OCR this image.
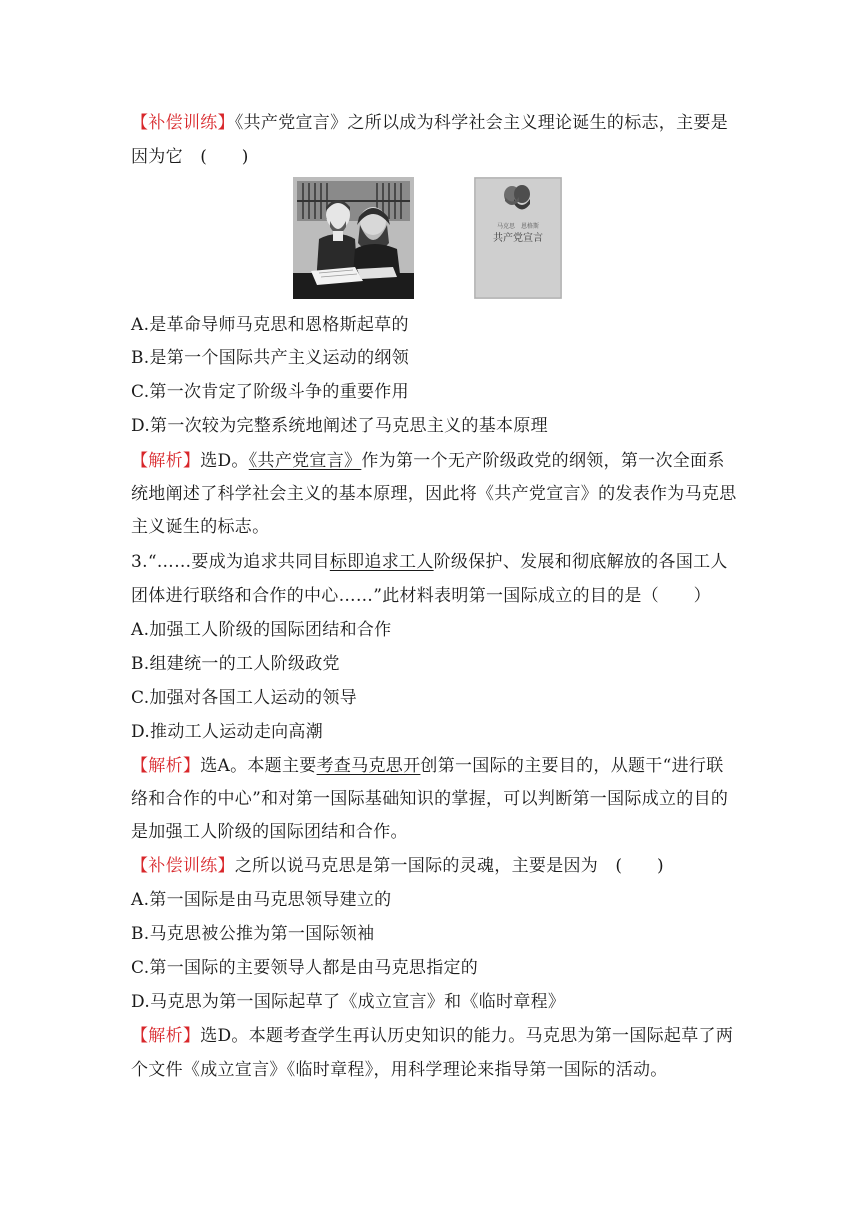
【补偿训练】《共产党宣言》之所以成为科学社会主义理论诞生的标志，主要是
因为它　(　　)
马克思　恩格斯
共产党宣言
A.是革命导师马克思和恩格斯起草的
B.是第一个国际共产主义运动的纲领
C.第一次肯定了阶级斗争的重要作用
D.第一次较为完整系统地阐述了马克思主义的基本原理
【解析】选D。《共产党宣言》作为第一个无产阶级政党的纲领，第一次全面系
统地阐述了科学社会主义的基本原理，因此将《共产党宣言》的发表作为马克思
主义诞生的标志。
3.“……要成为追求共同目标即追求工人阶级保护、发展和彻底解放的各国工人
团体进行联络和合作的中心……”此材料表明第一国际成立的目的是（　　）
A.加强工人阶级的国际团结和合作
B.组建统一的工人阶级政党
C.加强对各国工人运动的领导
D.推动工人运动走向高潮
【解析】选A。本题主要考查马克思开创第一国际的主要目的，从题干“进行联
络和合作的中心”和对第一国际基础知识的掌握，可以判断第一国际成立的目的
是加强工人阶级的国际团结和合作。
【补偿训练】之所以说马克思是第一国际的灵魂，主要是因为　(　　)
A.第一国际是由马克思领导建立的
B.马克思被公推为第一国际领袖
C.第一国际的主要领导人都是由马克思指定的
D.马克思为第一国际起草了《成立宣言》和《临时章程》
【解析】选D。本题考查学生再认历史知识的能力。马克思为第一国际起草了两
个文件《成立宣言》《临时章程》，用科学理论来指导第一国际的活动。
